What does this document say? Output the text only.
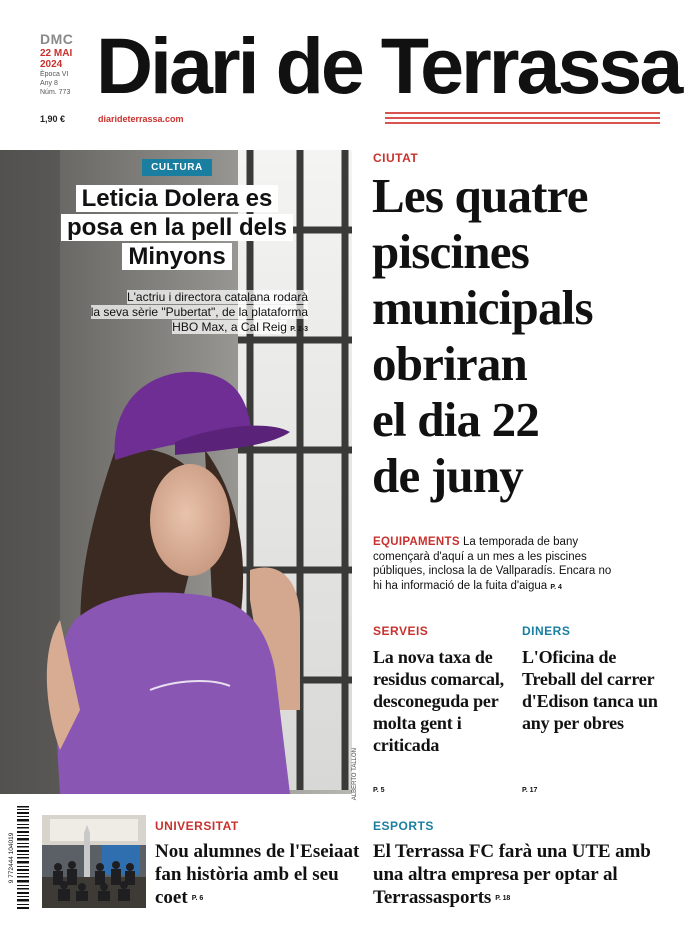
DMC
22 MAI
2024
Època VI
Any 8
Núm. 773
1,90 €
Diari de Terrassa
diarideterrassa.com
ALBERTO TALLÓN
CULTURA
Leticia Dolera es
posa en la pell dels
Minyons
L'actriu i directora catalana rodarà
la seva sèrie "Pubertat", de la plataforma
HBO Max, a Cal Reig P. 2-3
CIUTAT
Les quatre
piscines
municipals
obriran
el dia 22
de juny
EQUIPAMENTS La temporada de bany començarà d'aquí a un mes a les piscines públiques, inclosa la de Vallparadís. Encara no hi ha informació de la fuita d'aigua P. 4
SERVEIS
La nova taxa de residus comarcal, desconeguda per molta gent i criticada
P. 5
DINERS
L'Oficina de Treball del carrer d'Edison tanca un any per obres
P. 17
9 772444 104019
UNIVERSITAT
Nou alumnes de l'Eseiaat fan història amb el seu coet P. 6
ESPORTS
El Terrassa FC farà una UTE amb una altra empresa per optar al Terrassasports P. 18
